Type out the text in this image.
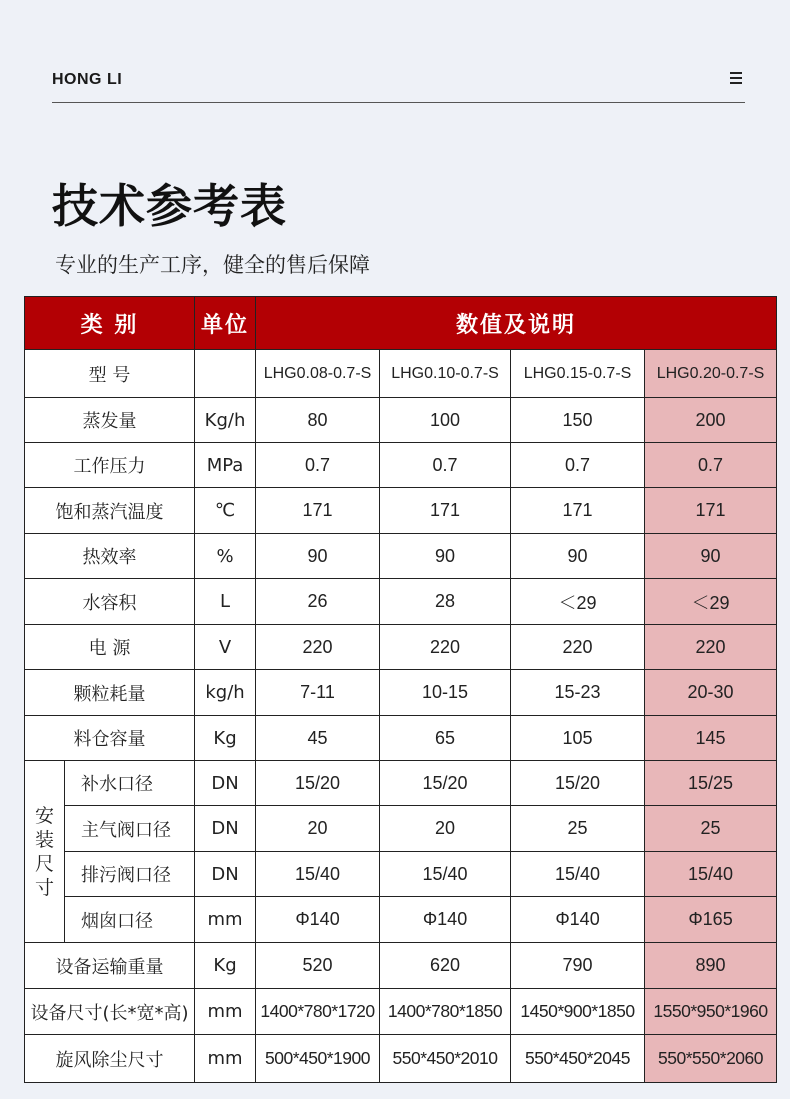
HONG LI
技术参考表

专业的生产工序，健全的售后保障

类 别		单位	数值及说明			
型 号			LHG0.08-0.7-S	LHG0.10-0.7-S	LHG0.15-0.7-S	LHG0.20-0.7-S
蒸发量		Kg/h	80	100	150	200
工作压力		MPa	0.7	0.7	0.7	0.7
饱和蒸汽温度		℃	171	171	171	171
热效率		%	90	90	90	90
水容积		L	26	28	＜29	＜29
电 源		V	220	220	220	220
颗粒耗量		kg/h	7-11	10-15	15-23	20-30
料仓容量		Kg	45	65	105	145
安装尺寸	补水口径	DN	15/20	15/20	15/20	15/25
	主气阀口径	DN	20	20	25	25
	排污阀口径	DN	15/40	15/40	15/40	15/40
	烟囱口径	mm	Φ140	Φ140	Φ140	Φ165
设备运输重量		Kg	520	620	790	890
设备尺寸(长*宽*高)		mm	1400*780*1720	1400*780*1850	1450*900*1850	1550*950*1960
旋风除尘尺寸		mm	500*450*1900	550*450*2010	550*450*2045	550*550*2060
